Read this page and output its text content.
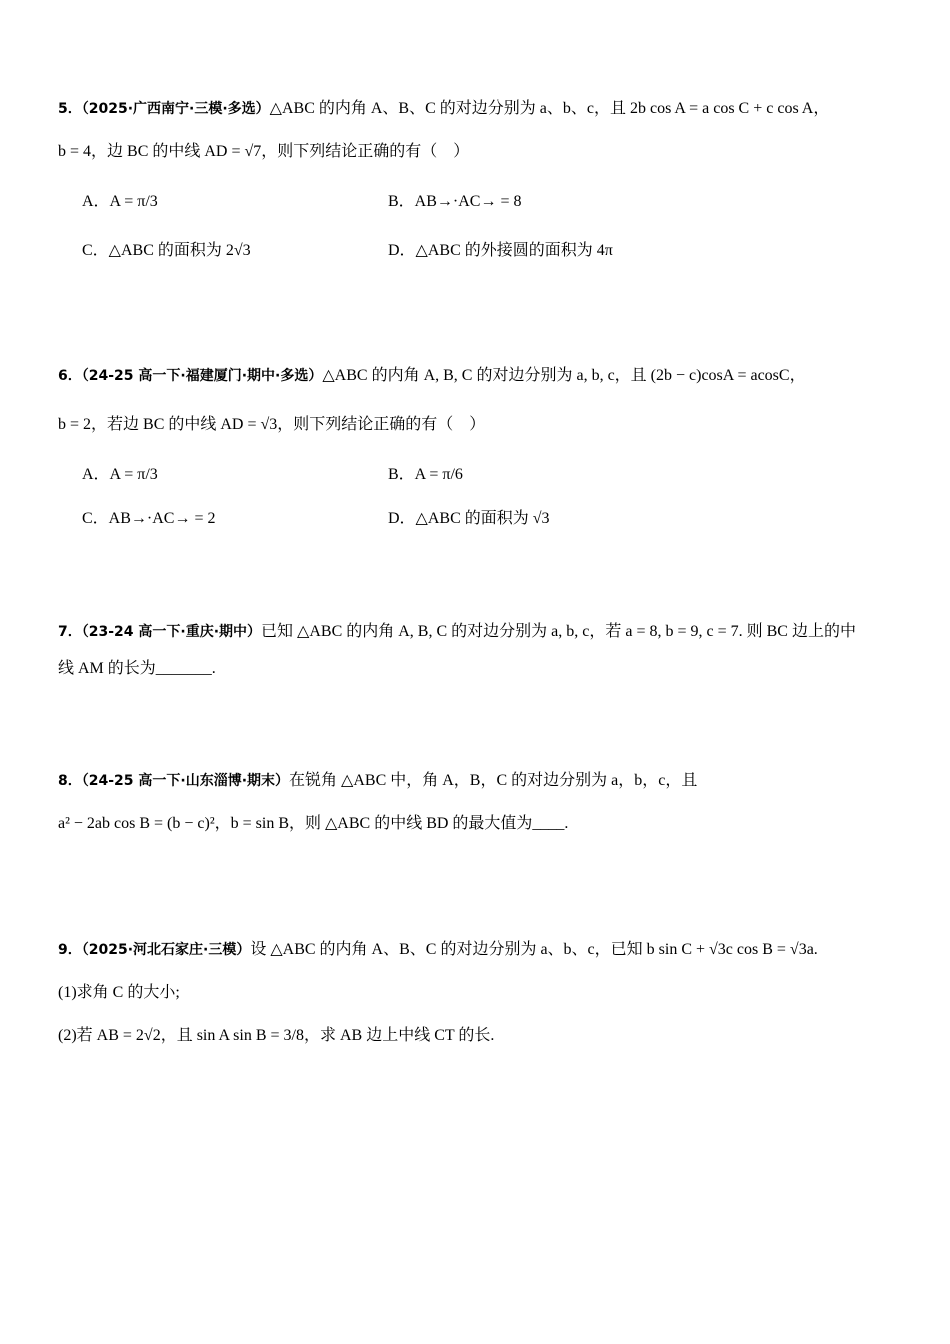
5．（2025·广西南宁·三模·多选）△ABC 的内角 A、B、C 的对边分别为 a、b、c，且 2b cos A = a cos C + c cos A，
b = 4，边 BC 的中线 AD = √7，则下列结论正确的有（　）
A．A = π/3	B．AB→·AC→ = 8
C．△ABC 的面积为 2√3	D．△ABC 的外接圆的面积为 4π
6．（24-25 高一下·福建厦门·期中·多选）△ABC 的内角 A, B, C 的对边分别为 a, b, c，且 (2b − c)cosA = acosC，
b = 2，若边 BC 的中线 AD = √3，则下列结论正确的有（　）
A．A = π/3	B．A = π/6
C．AB→·AC→ = 2	D．△ABC 的面积为 √3
7．（23-24 高一下·重庆·期中）已知 △ABC 的内角 A, B, C 的对边分别为 a, b, c，若 a = 8, b = 9, c = 7. 则 BC 边上的中
线 AM 的长为_______.
8．（24-25 高一下·山东淄博·期末）在锐角 △ABC 中，角 A，B，C 的对边分别为 a，b，c，且
a² − 2ab cos B = (b − c)²，b = sin B，则 △ABC 的中线 BD 的最大值为____.
9．（2025·河北石家庄·三模）设 △ABC 的内角 A、B、C 的对边分别为 a、b、c，已知 b sin C + √3c cos B = √3a.
(1)求角 C 的大小;
(2)若 AB = 2√2，且 sin A sin B = 3/8，求 AB 边上中线 CT 的长.
